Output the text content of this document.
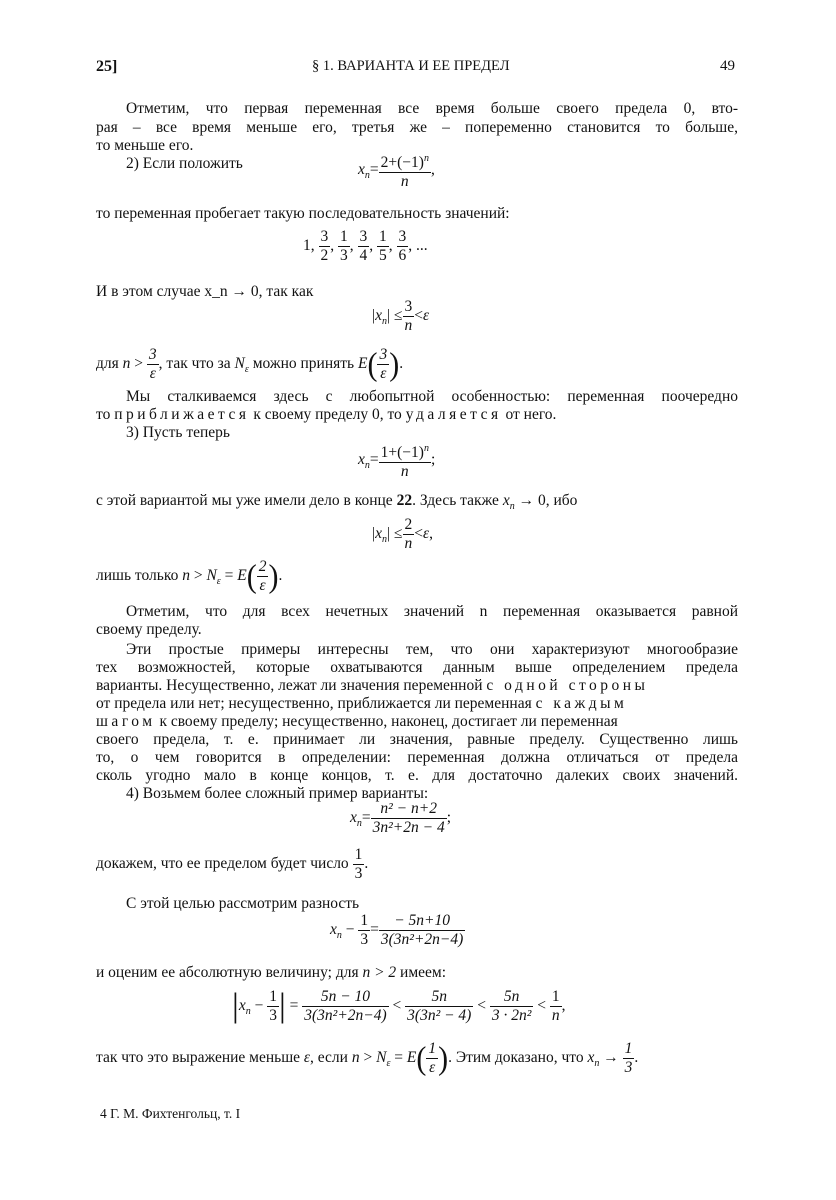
25]	§ 1. ВАРИАНТА И ЕЕ ПРЕДЕЛ	49
Отметим, что первая переменная все время больше своего предела 0, вто-
рая – все время меньше его, третья же – попеременно становится то больше,
то меньше его.
2) Если положить	$x_n= \frac{2+(-1)^n}{n}$ ,
то переменная пробегает такую последовательность значений:
1, $\frac{3}{2}$ , $\frac{1}{3}$ , $\frac{3}{4}$ , $\frac{1}{5}$ , $\frac{3}{6}$ , ...
И в этом случае x_n → 0, так как
$|x_n| \le \frac{3}{n} <\varepsilon$
для $n > \frac{3}{\varepsilon}$ , так что за $N_\varepsilon$ можно принять $E( \frac{3}{\varepsilon}$ ).
Мы сталкиваемся здесь с любопытной особенностью: переменная поочередно
то приближается к своему пределу 0, то удаляется от него.
3) Пусть теперь
$x_n= \frac{1+(-1)^n}{n}$ ;
с этой вариантой мы уже имели дело в конце 22. Здесь также $x_n \to 0$, ибо
$|x_n| \le \frac{2}{n} <\varepsilon$,
лишь только $n > N_\varepsilon = E( \frac{2}{\varepsilon}$ ).
Отметим, что для всех нечетных значений n переменная оказывается равной
своему пределу.
Эти простые примеры интересны тем, что они характеризуют многообразие
тех возможностей, которые охватываются данным выше определением предела
варианты. Несущественно, лежат ли значения переменной с одной стороны
от предела или нет; несущественно, приближается ли переменная с каждым
шагом к своему пределу; несущественно, наконец, достигает ли переменная
своего предела, т. е. принимает ли значения, равные пределу. Существенно лишь
то, о чем говорится в определении: переменная должна отличаться от предела
сколь угодно мало в конце концов, т. е. для достаточно далеких своих значений.
4) Возьмем более сложный пример варианты:
$x_n= \frac{\text{n² − n+2}}{\text{3n²+2n − 4}}$ ;
докажем, что ее пределом будет число $\frac{1}{3}$ .
С этой целью рассмотрим разность
$x_n - \frac{1}{3} = \frac{- 5n+10}{\text{3(3n²+2n−4)}}$
и оценим ее абсолютную величину; для n > 2 имеем:
$|x_n - \frac{1}{3}$ | = $\frac{5n - 10}{\text{3(3n²+2n−4)}} < \frac{5n}{\text{3(3n² − 4)}} < \frac{5n}{\text{3 · 2n²}} < \frac{1}{n}$ ,
так что это выражение меньше ε, если $n > N_\varepsilon = E( \frac{1}{\varepsilon}$ ). Этим доказано, что $x_n \to \frac{1}{3}$ .
4 Г. М. Фихтенгольц, т. I
